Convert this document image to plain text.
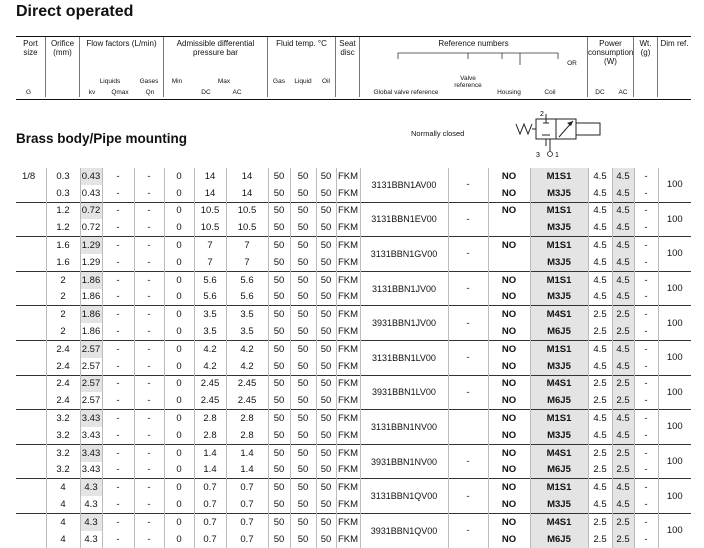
Direct operated
Port size
G
Orifice (mm)
Flow factors (L/min)
Liquids	Gases
kv	Qmax	Qn
Admissible differential pressure bar
Min	Max
DC	AC
Fluid temp. °C
Gas	Liquid	Oil
Seat disc
Reference numbers
OR
Global valve reference
Valve reference
Housing	Coil
Power consumption (W)
DC	AC
Wt. (g)
Dim ref.
Brass body/Pipe mounting	Normally closed
2
3 1
1/8	0.3	0.43	-	-	0	14	14	50	50	50	FKM	3131BBN1AV00	-	NO	M1S1	4.5	4.5	-	100
	0.3	0.43	-	-	0	14	14	50	50	50	FKM			NO	M3J5	4.5	4.5	-	
	1.2	0.72	-	-	0	10.5	10.5	50	50	50	FKM	3131BBN1EV00	-	NO	M1S1	4.5	4.5	-	100
	1.2	0.72	-	-	0	10.5	10.5	50	50	50	FKM				M3J5	4.5	4.5	-	
	1.6	1.29	-	-	0	7	7	50	50	50	FKM	3131BBN1GV00	-	NO	M1S1	4.5	4.5	-	100
	1.6	1.29	-	-	0	7	7	50	50	50	FKM				M3J5	4.5	4.5	-	
	2	1.86	-	-	0	5.6	5.6	50	50	50	FKM	3131BBN1JV00	-	NO	M1S1	4.5	4.5	-	100
	2	1.86	-	-	0	5.6	5.6	50	50	50	FKM			NO	M3J5	4.5	4.5	-	
	2	1.86	-	-	0	3.5	3.5	50	50	50	FKM	3931BBN1JV00	-	NO	M4S1	2.5	2.5	-	100
	2	1.86	-	-	0	3.5	3.5	50	50	50	FKM			NO	M6J5	2.5	2.5	-	
	2.4	2.57	-	-	0	4.2	4.2	50	50	50	FKM	3131BBN1LV00	-	NO	M1S1	4.5	4.5	-	100
	2.4	2.57	-	-	0	4.2	4.2	50	50	50	FKM			NO	M3J5	4.5	4.5	-	
	2.4	2.57	-	-	0	2.45	2.45	50	50	50	FKM	3931BBN1LV00	-	NO	M4S1	2.5	2.5	-	100
	2.4	2.57	-	-	0	2.45	2.45	50	50	50	FKM			NO	M6J5	2.5	2.5	-	
	3.2	3.43	-	-	0	2.8	2.8	50	50	50	FKM	3131BBN1NV00		NO	M1S1	4.5	4.5	-	100
	3.2	3.43	-	-	0	2.8	2.8	50	50	50	FKM			NO	M3J5	4.5	4.5	-	
	3.2	3.43	-	-	0	1.4	1.4	50	50	50	FKM	3931BBN1NV00	-	NO	M4S1	2.5	2.5	-	100
	3.2	3.43	-	-	0	1.4	1.4	50	50	50	FKM			NO	M6J5	2.5	2.5	-	
	4	4.3	-	-	0	0.7	0.7	50	50	50	FKM	3131BBN1QV00	-	NO	M1S1	4.5	4.5	-	100
	4	4.3	-	-	0	0.7	0.7	50	50	50	FKM			NO	M3J5	4.5	4.5	-	
	4	4.3	-	-	0	0.7	0.7	50	50	50	FKM	3931BBN1QV00	-	NO	M4S1	2.5	2.5	-	100
	4	4.3	-	-	0	0.7	0.7	50	50	50	FKM			NO	M6J5	2.5	2.5	-	
